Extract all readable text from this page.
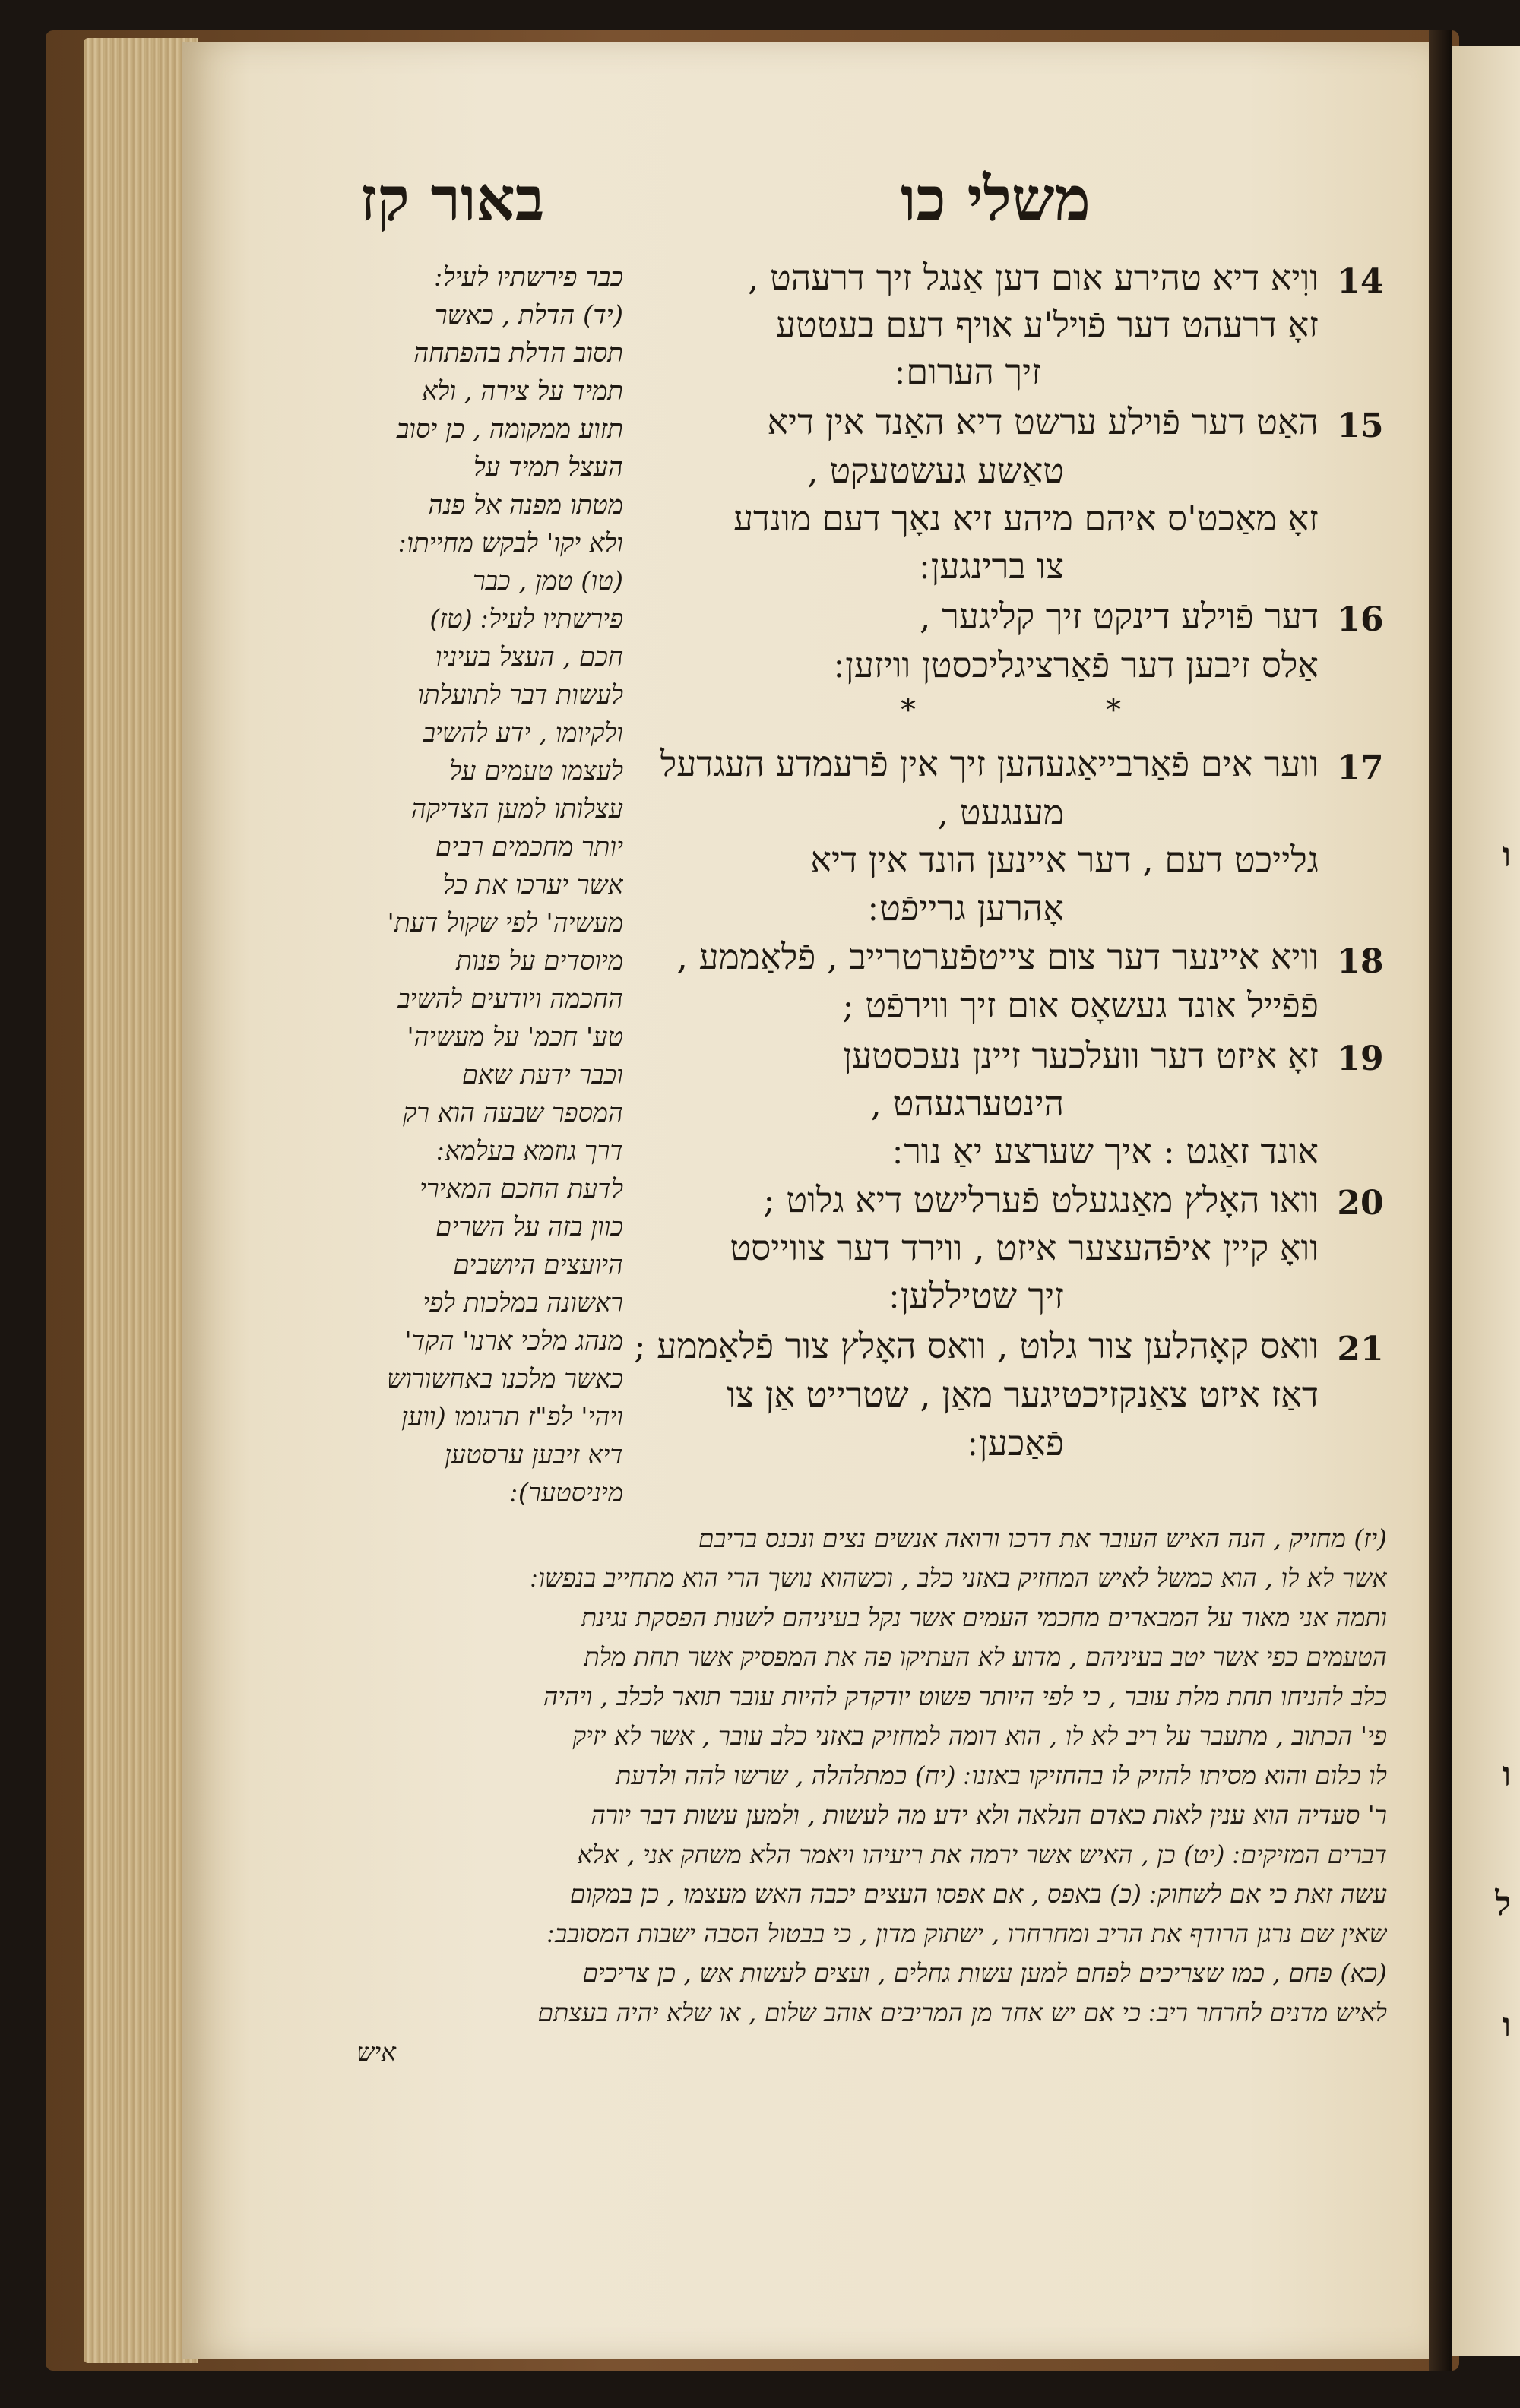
ו
ו
ל
ו
משלי כו
באור קז
14
ווִיא דיא טהירע אום דען אַנגל זיך דרעהט ,
זאָ דרעהט דער פֿויל'ע אויף דעם בעטטע
זיך הערום ׃
15
האַט דער פֿוילע ערשט דיא האַנד אין דיא
טאַשע געשטעקט ,
זאָ מאַכט'ס איהם מיהע זיא נאָך דעם מונדע
צו ברינגען ׃
16
דער פֿוילע דינקט זיך קליגער ,
אַלס זיבען דער פֿאַרציגליכסטן וויזען ׃
*	*
17
ווער אים פֿאַרבייאַגעהען זיך אין פֿרעמדע העגדעל
מענגעט ,
גלייכט דעם , דער איינען הונד אין דיא
אָהרען גרייפֿט ׃
18
וויא איינער דער צום צייטפֿערטרייב , פֿלאַממע ,
פֿפֿייל אונד געשאָס אום זיך ווירפֿט ;
19
זאָ איזט דער וועלכער זיינן נעכסטען
הינטערגעהט ,
אונד זאַגט : איך שערצע יאַ נור ׃
20
וואו האָלץ מאַנגעלט פֿערלישט דיא גלוט ;
וואָ קיין איפֿהעצער איזט , ווירד דער צווייסט
זיך שטיללען ׃
21
וואס קאָהלען צור גלוט , וואס האָלץ צור פֿלאַממע ;
דאַז איזט צאַנקזיכטיגער מאַן , שטרייט אַן צו
פֿאַכען ׃
כבר פירשתיו לעיל ׃
(יד) הדלת , כאשר
תסוב הדלת בהפתחה
תמיד על צירה , ולא
תזוע ממקומה , כן יסוב
העצל תמיד על
מטתו מפנה אל פנה
ולא יקו' לבקש מחייתו ׃
(טו) טמן , כבר
פירשתיו לעיל ׃ (טז)
חכם , העצל בעיניו
לעשות דבר לתועלתו
ולקיומו , ידע להשיב
לעצמו טעמים על
עצלותו למען הצדיקה
יותר מחכמים רבים
אשר יערכו את כל
מעשיה' לפי שקול דעת'
מיוסדים על פנות
החכמה ויודעים להשיב
טע' חכמ' על מעשיה'
וכבר ידעת שאם
המספר שבעה הוא רק
דרך גוזמא בעלמא ׃
לדעת החכם המאירי
כוון בזה על השרים
היועצים היושבים
ראשונה במלכות לפי
מנהג מלכי ארנו' הקד'
כאשר מלכנו באחשורוש
ויהי' לפ"ז תרגומו (ווען
דיא זיבען ערסטען
מיניסטער) ׃
(יז) מחזיק , הנה האיש העובר את דרכו ורואה אנשים נצים ונכנס בריבם
אשר לא לו , הוא כמשל לאיש המחזיק באזני כלב , וכשהוא נושך הרי הוא מתחייב בנפשו ׃
ותמה אני מאוד על המבארים מחכמי העמים אשר נקל בעיניהם לשנות הפסקת נגינת
הטעמים כפי אשר יטב בעיניהם , מדוע לא העתיקו פה את המפסיק אשר תחת מלת
כלב להניחו תחת מלת עובר , כי לפי היותר פשוט יודקדק להיות עובר תואר לכלב , ויהיה
פי' הכתוב , מתעבר על ריב לא לו , הוא דומה למחזיק באזני כלב עובר , אשר לא יזיק
לו כלום והוא מסיתו להזיק לו בהחזיקו באזנו ׃ (יח) כמתלהלה , שרשו להה ולדעת
ר' סעדיה הוא ענין לאות כאדם הנלאה ולא ידע מה לעשות , ולמען עשות דבר יורה
דברים המזיקים ׃ (יט) כן , האיש אשר ירמה את ריעיהו ויאמר הלא משחק אני , אלא
עשה זאת כי אם לשחוק ׃ (כ) באפס , אם אפסו העצים יכבה האש מעצמו , כן במקום
שאין שם נרגן הרודף את הריב ומחרחרו , ישתוק מדון , כי בבטול הסבה ישבות המסובב ׃
(כא) פחם , כמו שצריכים לפחם למען עשות גחלים , ועצים לעשות אש , כן צריכים
לאיש מדנים לחרחר ריב ׃ כי אם יש אחד מן המריבים אוהב שלום , או שלא יהיה בעצתם
איש
